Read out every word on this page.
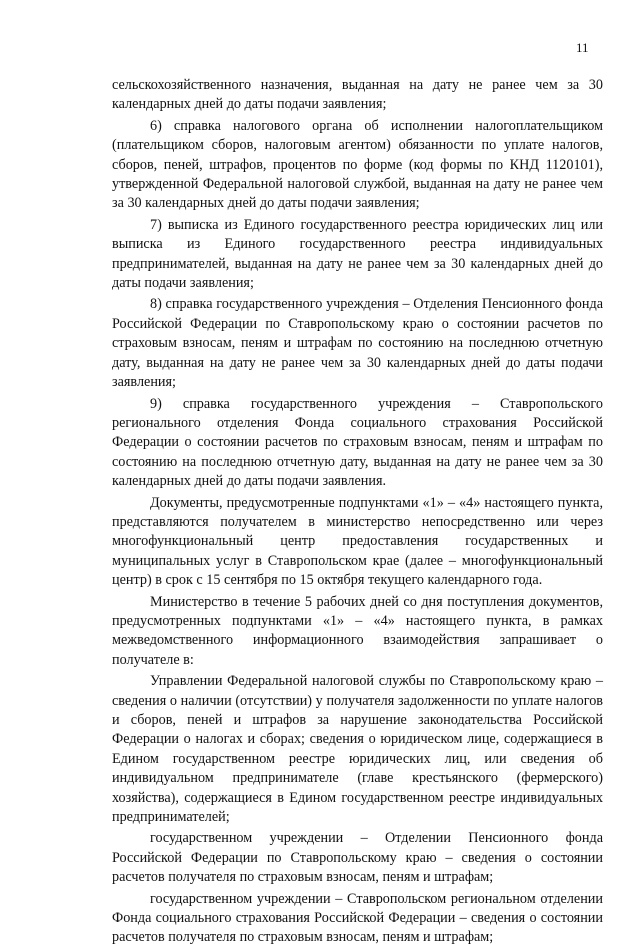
11

сельскохозяйственного назначения, выданная на дату не ранее чем за 30 календарных дней до даты подачи заявления;

6) справка налогового органа об исполнении налогоплательщиком (плательщиком сборов, налоговым агентом) обязанности по уплате налогов, сборов, пеней, штрафов, процентов по форме (код формы по КНД 1120101), утвержденной Федеральной налоговой службой, выданная на дату не ранее чем за 30 календарных дней до даты подачи заявления;

7) выписка из Единого государственного реестра юридических лиц или выписка из Единого государственного реестра индивидуальных предпринимателей, выданная на дату не ранее чем за 30 календарных дней до даты подачи заявления;

8) справка государственного учреждения – Отделения Пенсионного фонда Российской Федерации по Ставропольскому краю о состоянии расчетов по страховым взносам, пеням и штрафам по состоянию на последнюю отчетную дату, выданная на дату не ранее чем за 30 календарных дней до даты подачи заявления;

9) справка государственного учреждения – Ставропольского регионального отделения Фонда социального страхования Российской Федерации о состоянии расчетов по страховым взносам, пеням и штрафам по состоянию на последнюю отчетную дату, выданная на дату не ранее чем за 30 календарных дней до даты подачи заявления.

Документы, предусмотренные подпунктами «1» – «4» настоящего пункта, представляются получателем в министерство непосредственно или через многофункциональный центр предоставления государственных и муниципальных услуг в Ставропольском крае (далее – многофункциональный центр) в срок с 15 сентября по 15 октября текущего календарного года.

Министерство в течение 5 рабочих дней со дня поступления документов, предусмотренных подпунктами «1» – «4» настоящего пункта, в рамках межведомственного информационного взаимодействия запрашивает о получателе в:

Управлении Федеральной налоговой службы по Ставропольскому краю – сведения о наличии (отсутствии) у получателя задолженности по уплате налогов и сборов, пеней и штрафов за нарушение законодательства Российской Федерации о налогах и сборах; сведения о юридическом лице, содержащиеся в Едином государственном реестре юридических лиц, или сведения об индивидуальном предпринимателе (главе крестьянского (фермерского) хозяйства), содержащиеся в Едином государственном реестре индивидуальных предпринимателей;

государственном учреждении – Отделении Пенсионного фонда Российской Федерации по Ставропольскому краю – сведения о состоянии расчетов получателя по страховым взносам, пеням и штрафам;

государственном учреждении – Ставропольском региональном отделении Фонда социального страхования Российской Федерации – сведения о состоянии расчетов получателя по страховым взносам, пеням и штрафам;
